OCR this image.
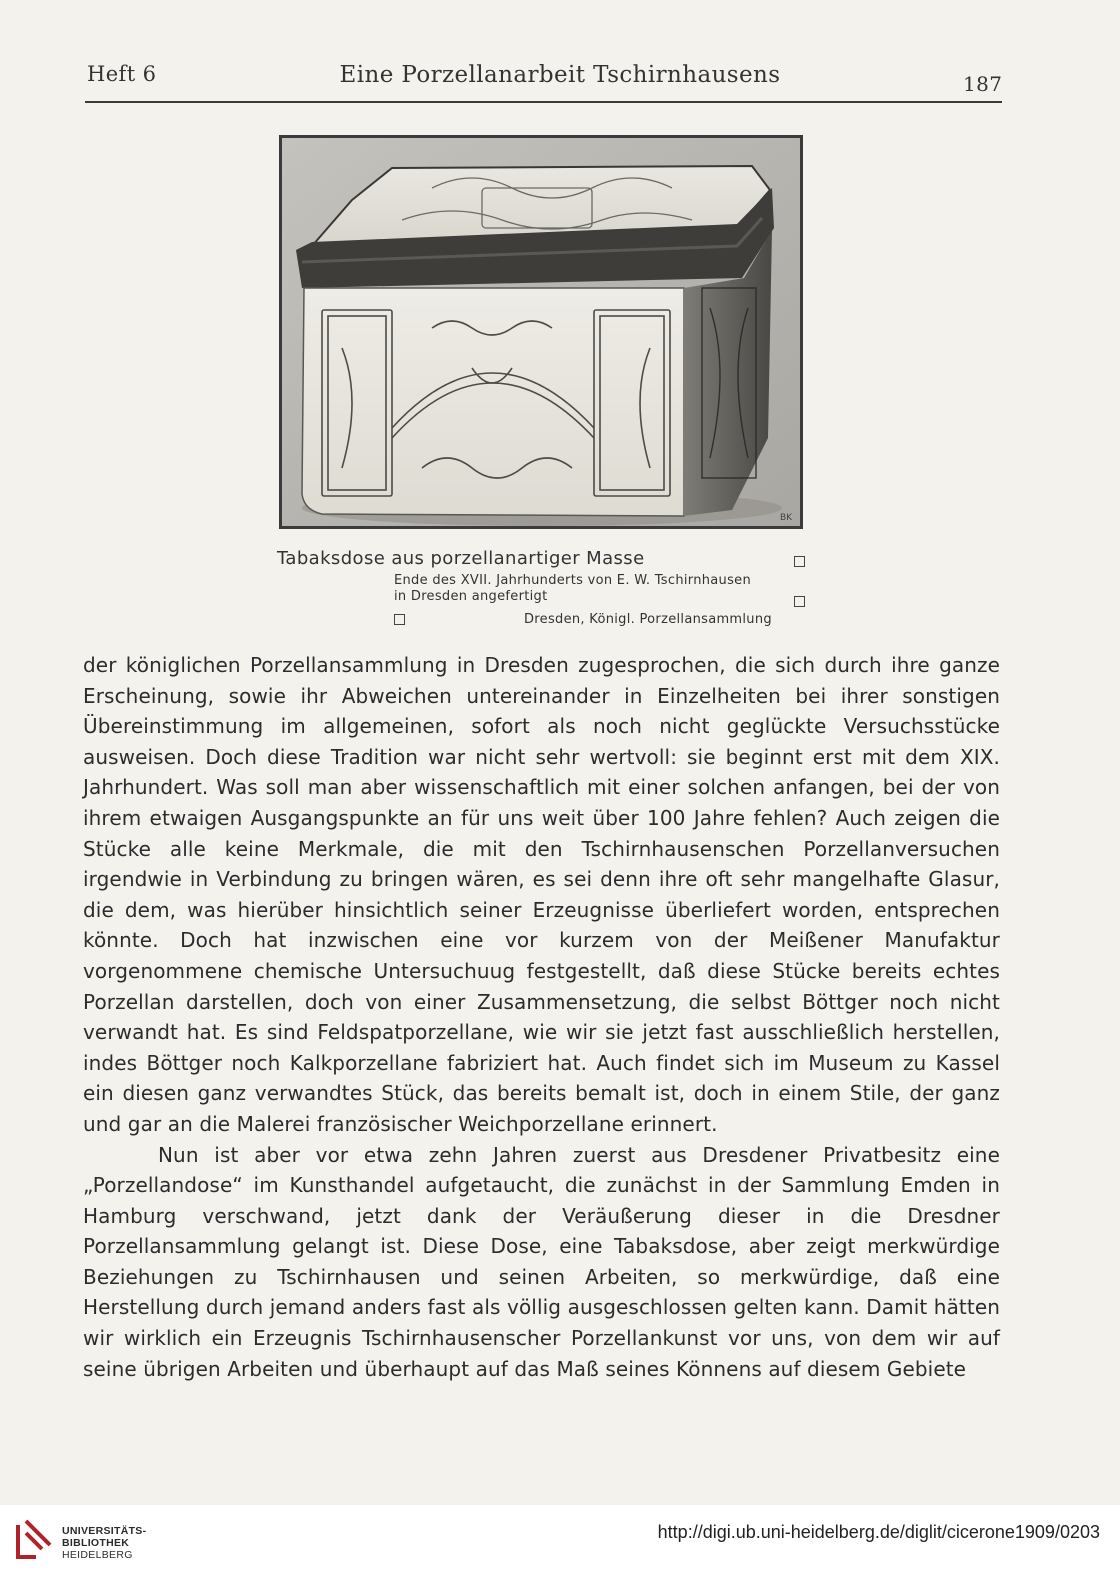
Heft 6	Eine Porzellanarbeit Tschirnhausens	187
BK
Tabaksdose aus porzellanartiger Masse
Ende des XVII. Jahrhunderts von E. W. Tschirnhausen
in Dresden angefertigt
Dresden, Königl. Porzellansammlung

der königlichen Porzellansammlung in Dresden zugesprochen, die sich durch ihre ganze Erscheinung, sowie ihr Abweichen untereinander in Einzelheiten bei ihrer sonstigen Übereinstimmung im allgemeinen, sofort als noch nicht geglückte Versuchsstücke ausweisen. Doch diese Tradition war nicht sehr wertvoll: sie beginnt erst mit dem XIX. Jahrhundert. Was soll man aber wissenschaftlich mit einer solchen anfangen, bei der von ihrem etwaigen Ausgangspunkte an für uns weit über 100 Jahre fehlen? Auch zeigen die Stücke alle keine Merkmale, die mit den Tschirnhausenschen Porzellanversuchen irgendwie in Verbindung zu bringen wären, es sei denn ihre oft sehr mangelhafte Glasur, die dem, was hierüber hinsichtlich seiner Erzeugnisse überliefert worden, entsprechen könnte. Doch hat inzwischen eine vor kurzem von der Meißener Manufaktur vorgenommene chemische Untersuchuug festgestellt, daß diese Stücke bereits echtes Porzellan darstellen, doch von einer Zusammensetzung, die selbst Böttger noch nicht verwandt hat. Es sind Feldspatporzellane, wie wir sie jetzt fast ausschließlich herstellen, indes Böttger noch Kalkporzellane fabriziert hat. Auch findet sich im Museum zu Kassel ein diesen ganz verwandtes Stück, das bereits bemalt ist, doch in einem Stile, der ganz und gar an die Malerei französischer Weichporzellane erinnert.

Nun ist aber vor etwa zehn Jahren zuerst aus Dresdener Privatbesitz eine „Porzellandose“ im Kunsthandel aufgetaucht, die zunächst in der Sammlung Emden in Hamburg verschwand, jetzt dank der Veräußerung dieser in die Dresdner Porzellansammlung gelangt ist. Diese Dose, eine Tabaksdose, aber zeigt merkwürdige Beziehungen zu Tschirnhausen und seinen Arbeiten, so merkwürdige, daß eine Herstellung durch jemand anders fast als völlig ausgeschlossen gelten kann. Damit hätten wir wirklich ein Erzeugnis Tschirnhausenscher Porzellankunst vor uns, von dem wir auf seine übrigen Arbeiten und überhaupt auf das Maß seines Könnens auf diesem Gebiete

UNIVERSITÄTS-
BIBLIOTHEK
HEIDELBERG
http://digi.ub.uni-heidelberg.de/diglit/cicerone1909/0203
